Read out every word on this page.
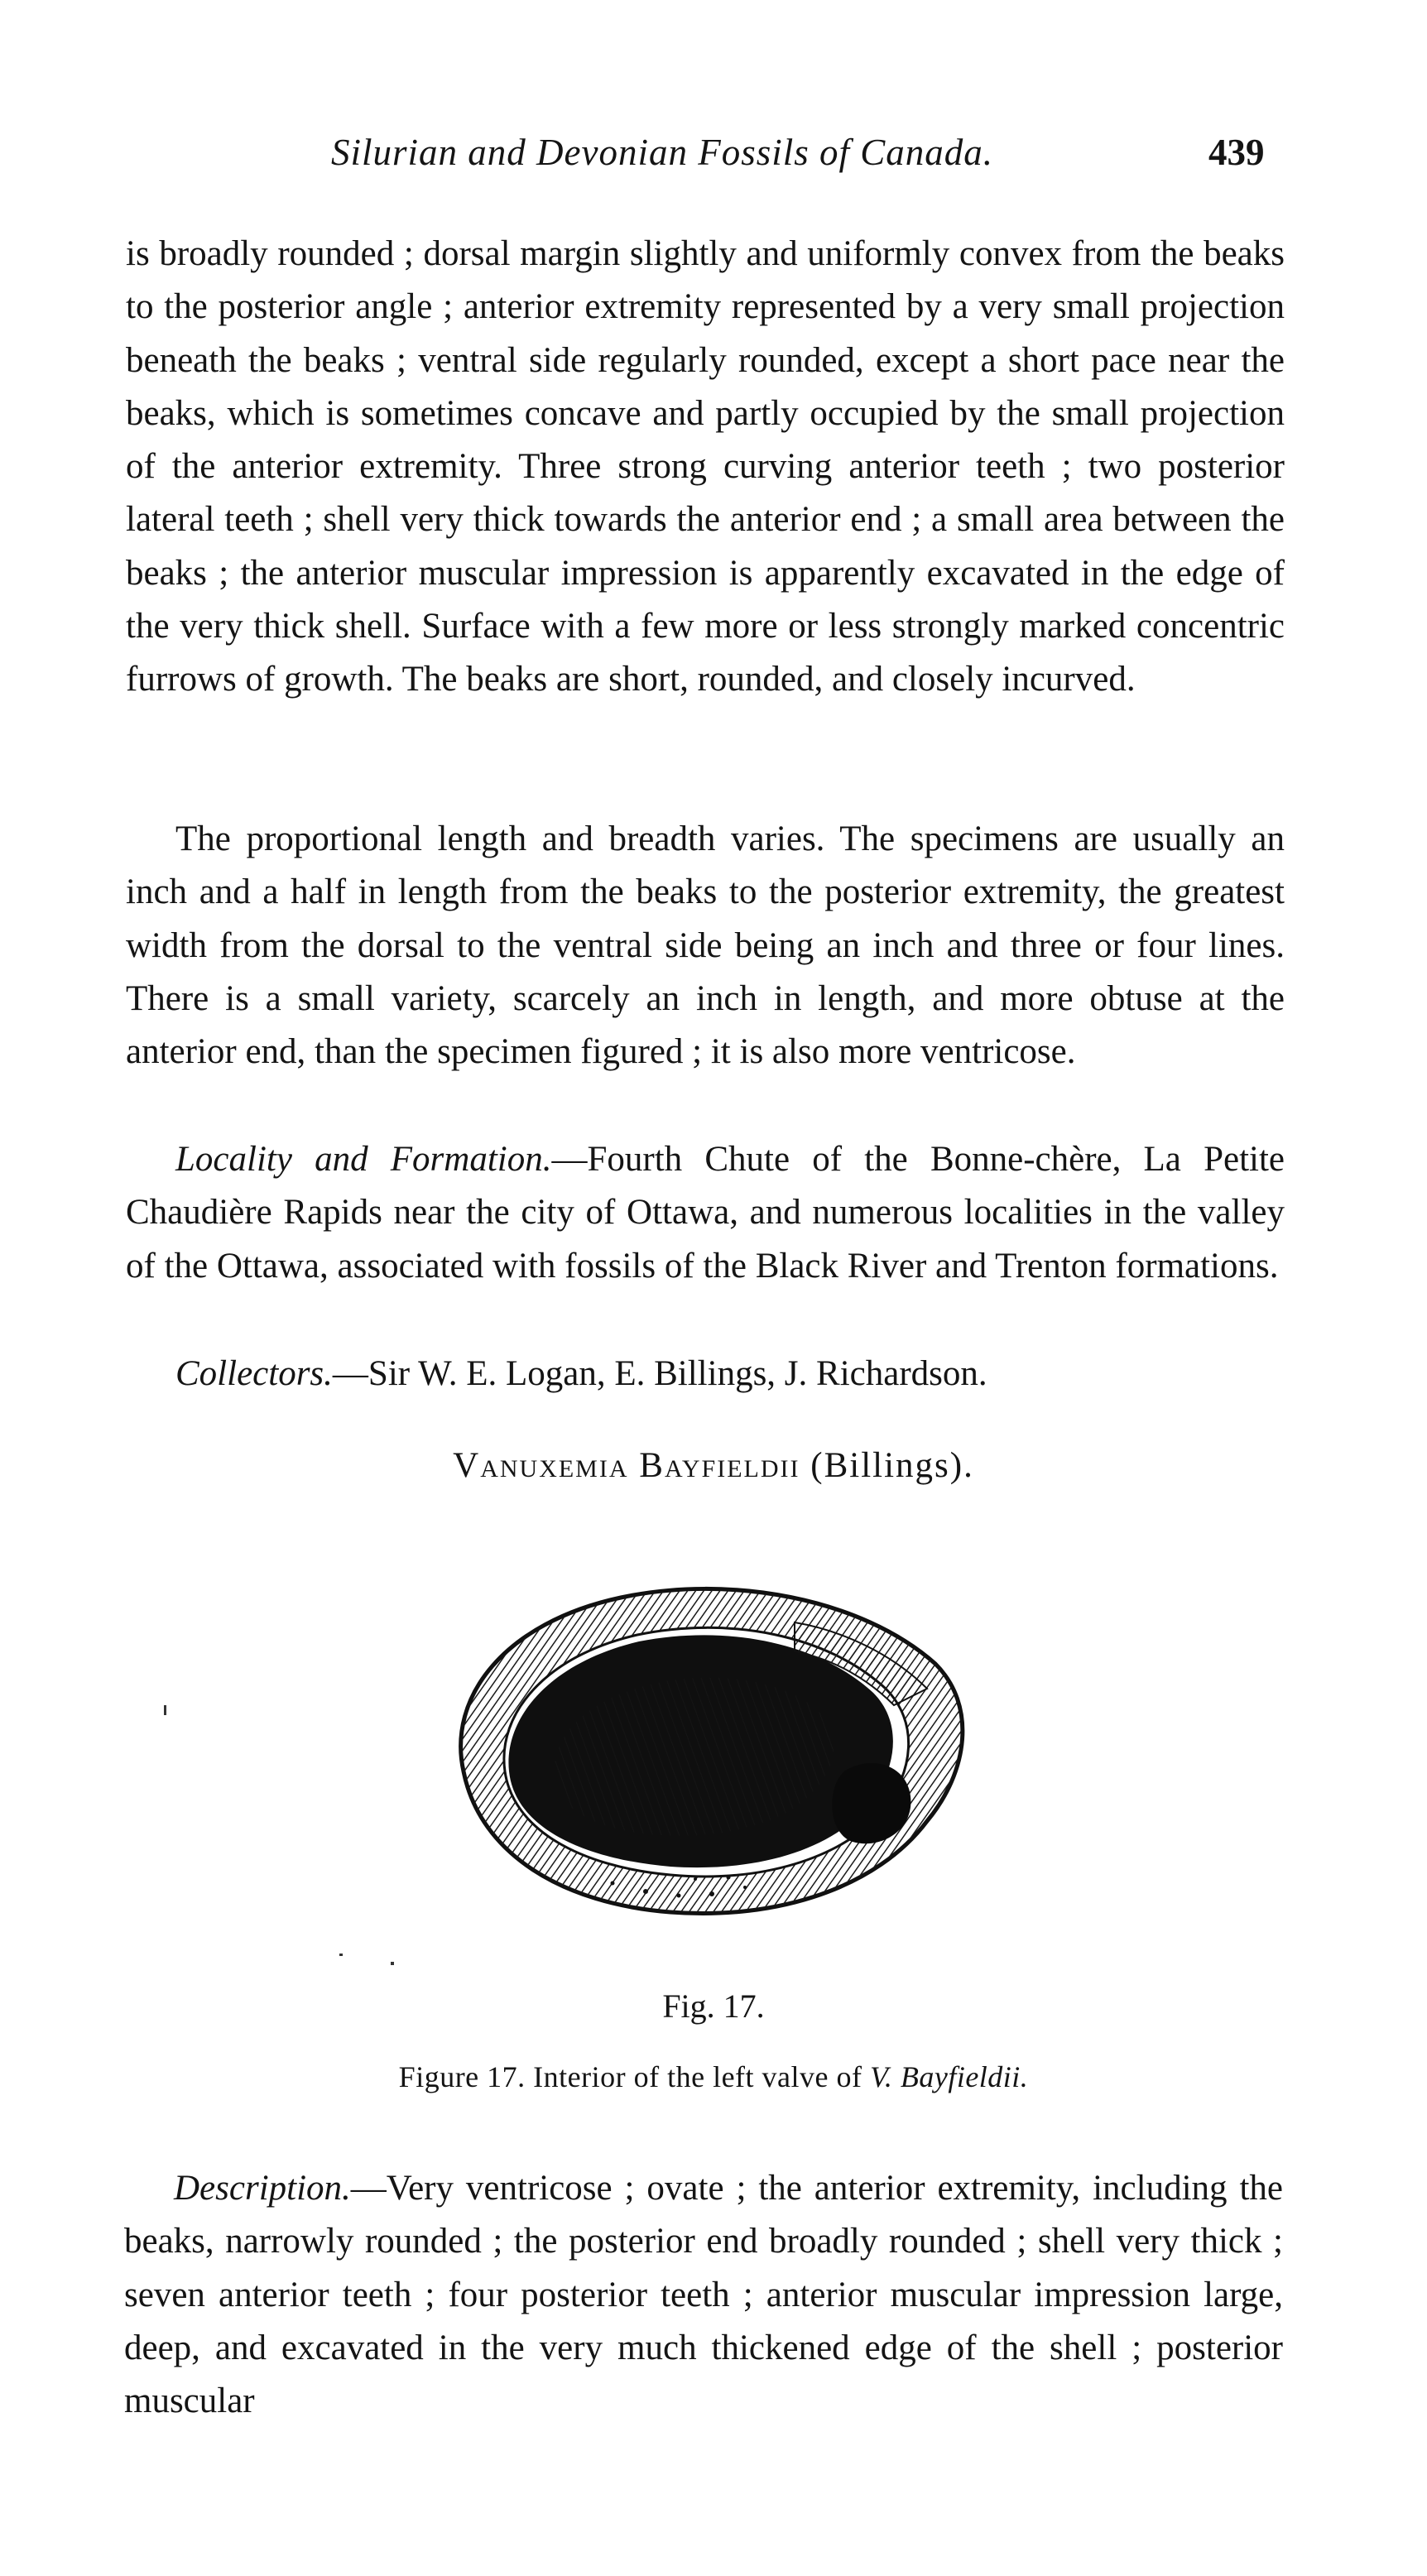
Silurian and Devonian Fossils of Canada.	439

is broadly rounded ; dorsal margin slightly and uniformly convex from the beaks to the posterior angle ; anterior extremity represented by a very small projection beneath the beaks ; ventral side regularly rounded, except a short pace near the beaks, which is sometimes concave and partly occupied by the small projection of the anterior extremity. Three strong curving anterior teeth ; two posterior lateral teeth ; shell very thick towards the anterior end ; a small area between the beaks ; the anterior muscular impression is apparently excavated in the edge of the very thick shell. Surface with a few more or less strongly marked concentric furrows of growth. The beaks are short, rounded, and closely incurved.

The proportional length and breadth varies. The specimens are usually an inch and a half in length from the beaks to the posterior extremity, the greatest width from the dorsal to the ventral side being an inch and three or four lines. There is a small variety, scarcely an inch in length, and more obtuse at the anterior end, than the specimen figured ; it is also more ventricose.

Locality and Formation.—Fourth Chute of the Bonne-chère, La Petite Chaudière Rapids near the city of Ottawa, and numerous localities in the valley of the Ottawa, associated with fossils of the Black River and Trenton formations.

Collectors.—Sir W. E. Logan, E. Billings, J. Richardson.

Vanuxemia Bayfieldii (Billings).
Fig. 17.
Figure 17. Interior of the left valve of V. Bayfieldii.

Description.—Very ventricose ; ovate ; the anterior extremity, including the beaks, narrowly rounded ; the posterior end broadly rounded ; shell very thick ; seven anterior teeth ; four posterior teeth ; anterior muscular impression large, deep, and excavated in the very much thickened edge of the shell ; posterior muscular
